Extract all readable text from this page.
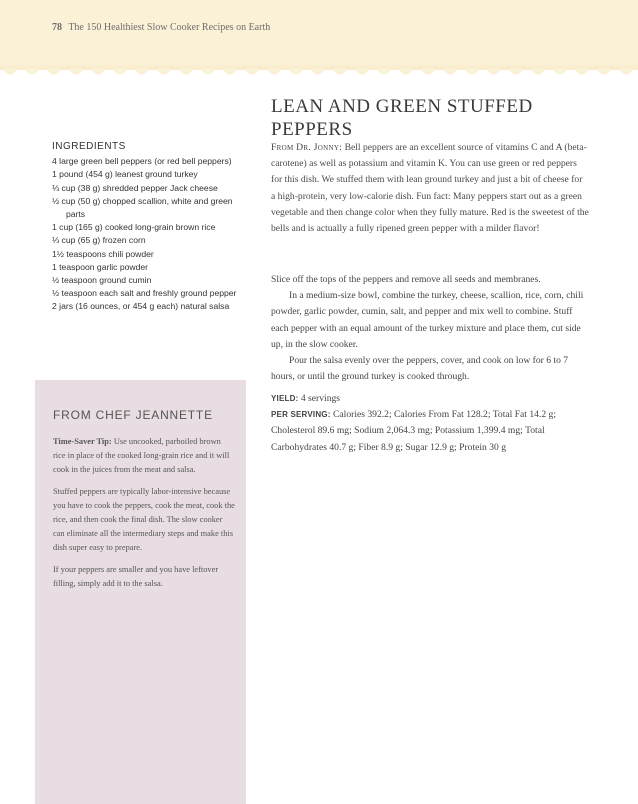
78 The 150 Healthiest Slow Cooker Recipes on Earth
LEAN AND GREEN STUFFED PEPPERS
INGREDIENTS
4 large green bell peppers (or red bell peppers)
1 pound (454 g) leanest ground turkey
⅓ cup (38 g) shredded pepper Jack cheese
½ cup (50 g) chopped scallion, white and green parts
1 cup (165 g) cooked long-grain brown rice
⅓ cup (65 g) frozen corn
1½ teaspoons chili powder
1 teaspoon garlic powder
½ teaspoon ground cumin
½ teaspoon each salt and freshly ground pepper
2 jars (16 ounces, or 454 g each) natural salsa
From Dr. Jonny: Bell peppers are an excellent source of vitamins C and A (beta-carotene) as well as potassium and vitamin K. You can use green or red peppers for this dish. We stuffed them with lean ground turkey and just a bit of cheese for a high-protein, very low-calorie dish. Fun fact: Many peppers start out as a green vegetable and then change color when they fully mature. Red is the sweetest of the bells and is actually a fully ripened green pepper with a milder flavor!

Slice off the tops of the peppers and remove all seeds and membranes.

In a medium-size bowl, combine the turkey, cheese, scallion, rice, corn, chili powder, garlic powder, cumin, salt, and pepper and mix well to combine. Stuff each pepper with an equal amount of the turkey mixture and place them, cut side up, in the slow cooker.

Pour the salsa evenly over the peppers, cover, and cook on low for 6 to 7 hours, or until the ground turkey is cooked through.

YIELD: 4 servings

PER SERVING: Calories 392.2; Calories From Fat 128.2; Total Fat 14.2 g; Cholesterol 89.6 mg; Sodium 2,064.3 mg; Potassium 1,399.4 mg; Total Carbohydrates 40.7 g; Fiber 8.9 g; Sugar 12.9 g; Protein 30 g

FROM CHEF JEANNETTE

Time-Saver Tip: Use uncooked, parboiled brown rice in place of the cooked long-grain rice and it will cook in the juices from the meat and salsa.

Stuffed peppers are typically labor-intensive because you have to cook the peppers, cook the meat, cook the rice, and then cook the final dish. The slow cooker can eliminate all the intermediary steps and make this dish super easy to prepare.

If your peppers are smaller and you have leftover filling, simply add it to the salsa.
